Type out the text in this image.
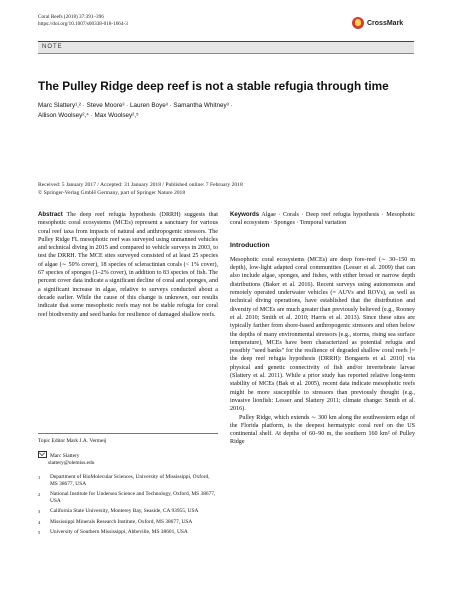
Coral Reefs (2018) 37:391–396
https://doi.org/10.1007/s00338-018-1664-3	CrossMark
NOTE
The Pulley Ridge deep reef is not a stable refugia through time
Marc Slattery¹,² · Steve Moore³ · Lauren Boye³ · Samantha Whitney³ ·
Allison Woolsey²,⁴ · Max Woolsey²,⁵
Received: 5 January 2017 / Accepted: 31 January 2018 / Published online: 7 February 2018
© Springer-Verlag GmbH Germany, part of Springer Nature 2018

Abstract The deep reef refugia hypothesis (DRRH) suggests that mesophotic coral ecosystems (MCEs) represent a sanctuary for various coral reef taxa from impacts of natural and anthropogenic stressors. The Pulley Ridge FL mesophotic reef was surveyed using unmanned vehicles and technical diving in 2015 and compared to vehicle surveys in 2003, to test the DRRH. The MCE sites surveyed consisted of at least 25 species of algae (∼ 50% cover), 18 species of scleractinian corals (< 1% cover), 67 species of sponges (1–2% cover), in addition to 83 species of fish. The percent cover data indicate a significant decline of coral and sponges, and a significant increase in algae, relative to surveys conducted about a decade earlier. While the cause of this change is unknown, our results indicate that some mesophotic reefs may not be stable refugia for coral reef biodiversity and seed banks for resilience of damaged shallow reefs.

Topic Editor Mark J.A. Vermeij
Marc Slattery
slattery@olemiss.edu
1	Department of BioMolecular Sciences, University of Mississippi, Oxford, MS 38677, USA
2	National Institute for Undersea Science and Technology, Oxford, MS 38677, USA
3	California State University, Monterey Bay, Seaside, CA 93955, USA
4	Mississippi Minerals Research Institute, Oxford, MS 38677, USA
5	University of Southern Mississippi, Abbeville, MS 38601, USA

Keywords Algae · Corals · Deep reef refugia hypothesis · Mesophotic coral ecosystem · Sponges · Temporal variation

Introduction

Mesophotic coral ecosystems (MCEs) are deep fore-reef (∼ 30–150 m depth), low-light adapted coral communities (Lesser et al. 2009) that can also include algae, sponges, and fishes, with either broad or narrow depth distributions (Baker et al. 2016). Recent surveys using autonomous and remotely operated underwater vehicles (= AUVs and ROVs), as well as technical diving operations, have established that the distribution and diversity of MCEs are much greater than previously believed (e.g., Rooney et al. 2010; Smith et al. 2010; Harris et al. 2013). Since these sites are typically farther from shore-based anthropogenic stressors and often below the depths of many environmental stressors (e.g., storms, rising sea surface temperature), MCEs have been characterized as potential refugia and possibly "seed banks" for the resilience of degraded shallow coral reefs [= the deep reef refugia hypothesis (DRRH): Bongaerts et al. 2010] via physical and genetic connectivity of fish and/or invertebrate larvae (Slattery et al. 2011). While a prior study has reported relative long-term stability of MCEs (Bak et al. 2005), recent data indicate mesophotic reefs might be more susceptible to stressors than previously thought (e.g., invasive lionfish: Lesser and Slattery 2011; climate change: Smith et al. 2016).

Pulley Ridge, which extends ∼ 300 km along the southwestern edge of the Florida platform, is the deepest hermatypic coral reef on the US continental shelf. At depths of 60–90 m, the southern 160 km² of Pulley Ridge
